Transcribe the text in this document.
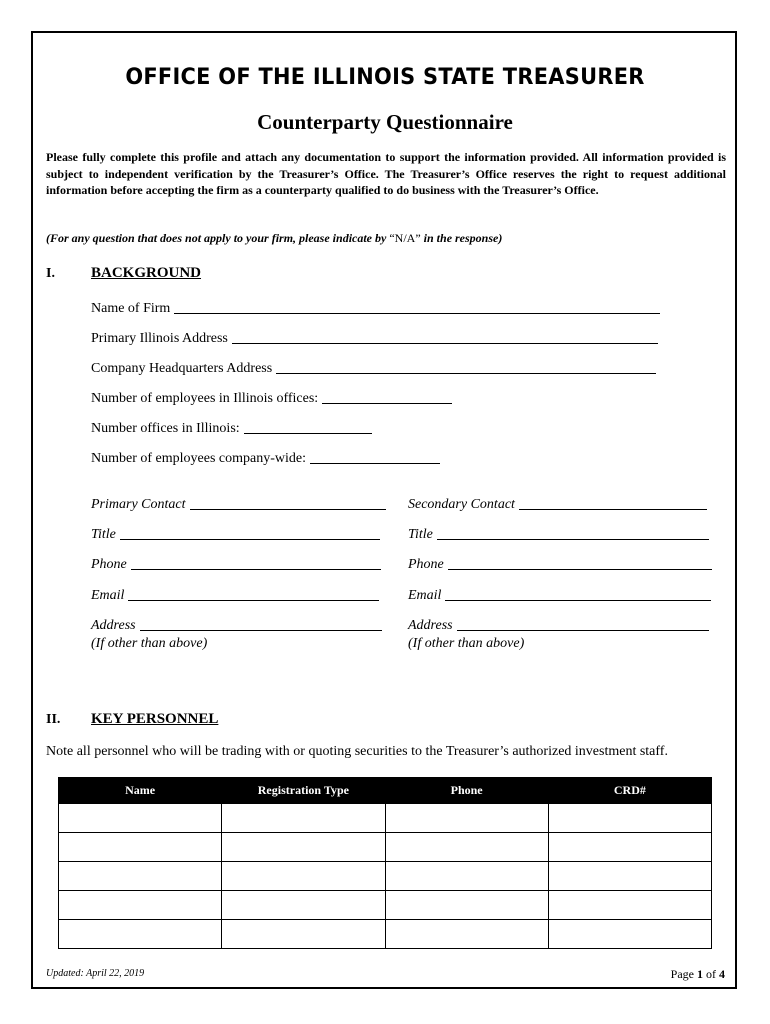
OFFICE OF THE ILLINOIS STATE TREASURER
Counterparty Questionnaire
Please fully complete this profile and attach any documentation to support the information provided. All information provided is subject to independent verification by the Treasurer’s Office. The Treasurer’s Office reserves the right to request additional information before accepting the firm as a counterparty qualified to do business with the Treasurer’s Office.
(For any question that does not apply to your firm, please indicate by “N/A” in the response)
I. BACKGROUND
Name of Firm
Primary Illinois Address
Company Headquarters Address
Number of employees in Illinois offices:
Number offices in Illinois:
Number of employees company-wide:
Primary Contact
Title
Phone
Email
Address
(If other than above)
Secondary Contact
Title
Phone
Email
Address
(If other than above)
II. KEY PERSONNEL
Note all personnel who will be trading with or quoting securities to the Treasurer’s authorized investment staff.
Name	Registration Type	Phone	CRD#

Updated: April 22, 2019	Page 1 of 4
